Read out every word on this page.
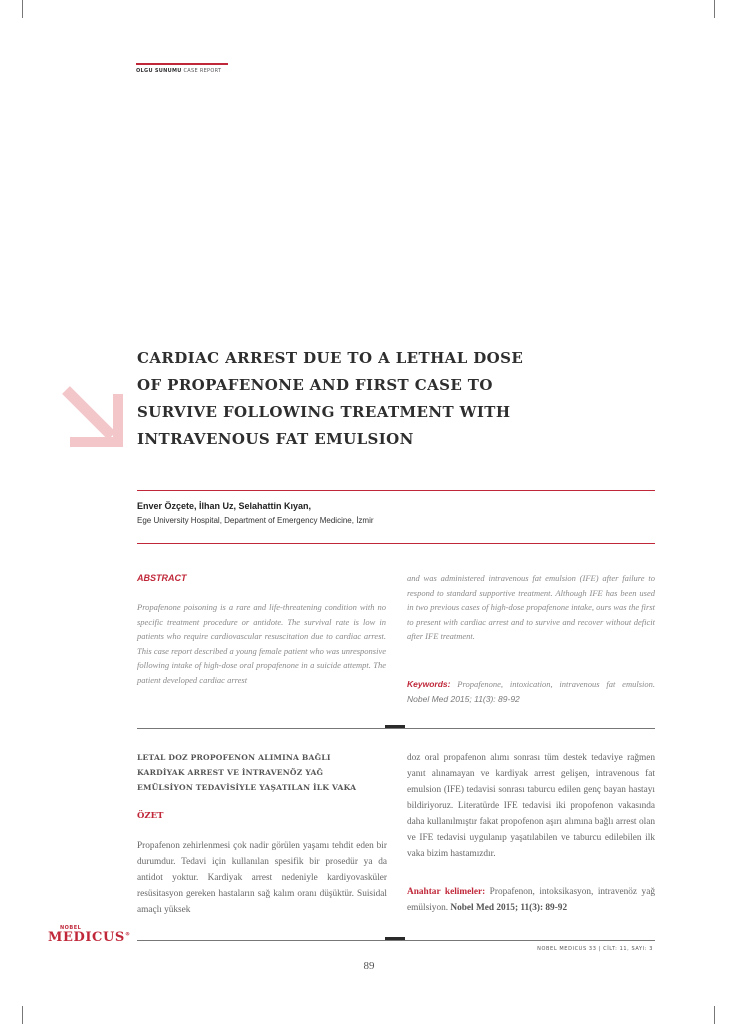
OLGU SUNUMU CASE REPORT
CARDIAC ARREST DUE TO A LETHAL DOSE
OF PROPAFENONE AND FIRST CASE TO
SURVIVE FOLLOWING TREATMENT WITH
INTRAVENOUS FAT EMULSION
Enver Özçete, İlhan Uz, Selahattin Kıyan,
Ege University Hospital, Department of Emergency Medicine, İzmir
ABSTRACT
Propafenone poisoning is a rare and life-threatening condition with no specific treatment procedure or antidote. The survival rate is low in patients who require cardiovascular resuscitation due to cardiac arrest. This case report described a young female patient who was unresponsive following intake of high-dose oral propafenone in a suicide attempt. The patient developed cardiac arrest
and was administered intravenous fat emulsion (IFE) after failure to respond to standard supportive treatment. Although IFE has been used in two previous cases of high-dose propafenone intake, ours was the first to present with cardiac arrest and to survive and recover without deficit after IFE treatment.
Keywords: Propafenone, intoxication, intravenous fat emulsion. Nobel Med 2015; 11(3): 89-92
LETAL DOZ PROPOFENON ALIMINA BAĞLI
KARDİYAK ARREST VE İNTRAVENÖZ YAĞ
EMÜLSİYON TEDAVİSİYLE YAŞATILAN İLK VAKA
ÖZET
Propafenon zehirlenmesi çok nadir görülen yaşamı tehdit eden bir durumdur. Tedavi için kullanılan spesifik bir prosedür ya da antidot yoktur. Kardiyak arrest nedeniyle kardiyovasküler resüsitasyon gereken hastaların sağ kalım oranı düşüktür. Suisidal amaçlı yüksek
doz oral propafenon alımı sonrası tüm destek tedaviye rağmen yanıt alınamayan ve kardiyak arrest gelişen, intravenous fat emulsion (IFE) tedavisi sonrası taburcu edilen genç bayan hastayı bildiriyoruz. Literatürde IFE tedavisi iki propofenon vakasında daha kullanılmıştır fakat propofenon aşırı alımına bağlı arrest olan ve IFE tedavisi uygulanıp yaşatılabilen ve taburcu edilebilen ilk vaka bizim hastamızdır.
Anahtar kelimeler: Propafenon, intoksikasyon, intravenöz yağ emülsiyon. Nobel Med 2015; 11(3): 89-92
NOBEL
MEDICUS®
NOBEL MEDICUS 33 | CİLT: 11, SAYI: 3
89
